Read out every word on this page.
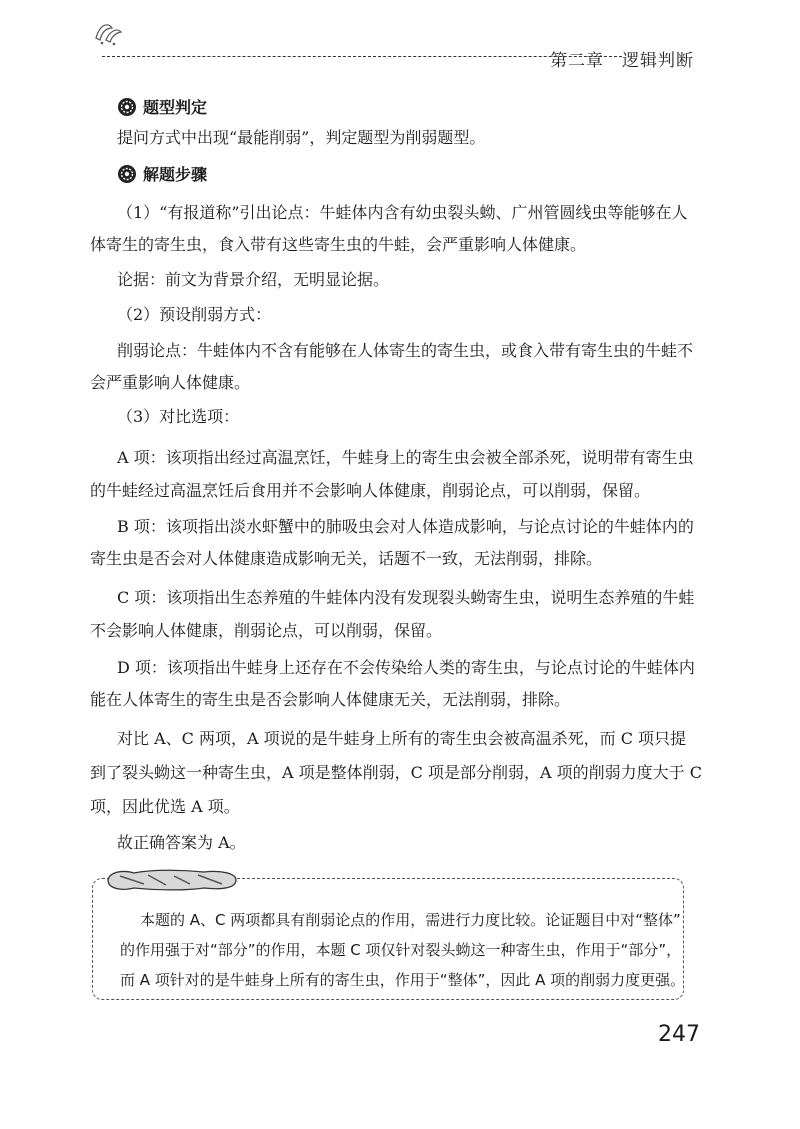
第二章　逻辑判断
题型判定
提问方式中出现“最能削弱”，判定题型为削弱题型。
解题步骤
（1）“有报道称”引出论点：牛蛙体内含有幼虫裂头蚴、广州管圆线虫等能够在人
体寄生的寄生虫，食入带有这些寄生虫的牛蛙，会严重影响人体健康。
论据：前文为背景介绍，无明显论据。
（2）预设削弱方式：
削弱论点：牛蛙体内不含有能够在人体寄生的寄生虫，或食入带有寄生虫的牛蛙不
会严重影响人体健康。
（3）对比选项：
A 项：该项指出经过高温烹饪，牛蛙身上的寄生虫会被全部杀死，说明带有寄生虫
的牛蛙经过高温烹饪后食用并不会影响人体健康，削弱论点，可以削弱，保留。
B 项：该项指出淡水虾蟹中的肺吸虫会对人体造成影响，与论点讨论的牛蛙体内的
寄生虫是否会对人体健康造成影响无关，话题不一致，无法削弱，排除。
C 项：该项指出生态养殖的牛蛙体内没有发现裂头蚴寄生虫，说明生态养殖的牛蛙
不会影响人体健康，削弱论点，可以削弱，保留。
D 项：该项指出牛蛙身上还存在不会传染给人类的寄生虫，与论点讨论的牛蛙体内
能在人体寄生的寄生虫是否会影响人体健康无关，无法削弱，排除。
对比 A、C 两项，A 项说的是牛蛙身上所有的寄生虫会被高温杀死，而 C 项只提
到了裂头蚴这一种寄生虫，A 项是整体削弱，C 项是部分削弱，A 项的削弱力度大于 C
项，因此优选 A 项。
故正确答案为 A。
本题的 A、C 两项都具有削弱论点的作用，需进行力度比较。论证题目中对“整体”
的作用强于对“部分”的作用，本题 C 项仅针对裂头蚴这一种寄生虫，作用于“部分”，
而 A 项针对的是牛蛙身上所有的寄生虫，作用于“整体”，因此 A 项的削弱力度更强。
247
